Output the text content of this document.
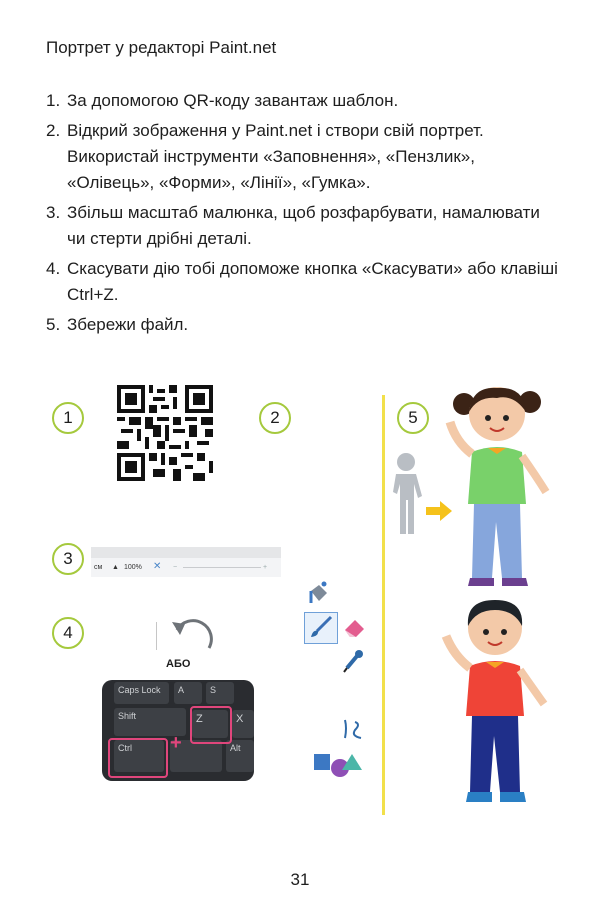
Портрет у редакторі Paint.net
1. За допомогою QR-коду завантаж шаблон.
2. Відкрий зображення у Paint.net і створи свій портрет. Використай інструменти «Заповнення», «Пензлик», «Олівець», «Форми», «Лінії», «Гумка».
3. Збільш масштаб малюнка, щоб розфарбувати, намалювати чи стерти дрібні деталі.
4. Скасувати дію тобі допоможе кнопка «Скасувати» або клавіші Ctrl+Z.
5. Збережи файл.
1	2	5
3
4
см ▲ 100% ✕ −	+
АБО
Caps Lock	A	S
Shift	Z	X
Ctrl	Alt
+
31
